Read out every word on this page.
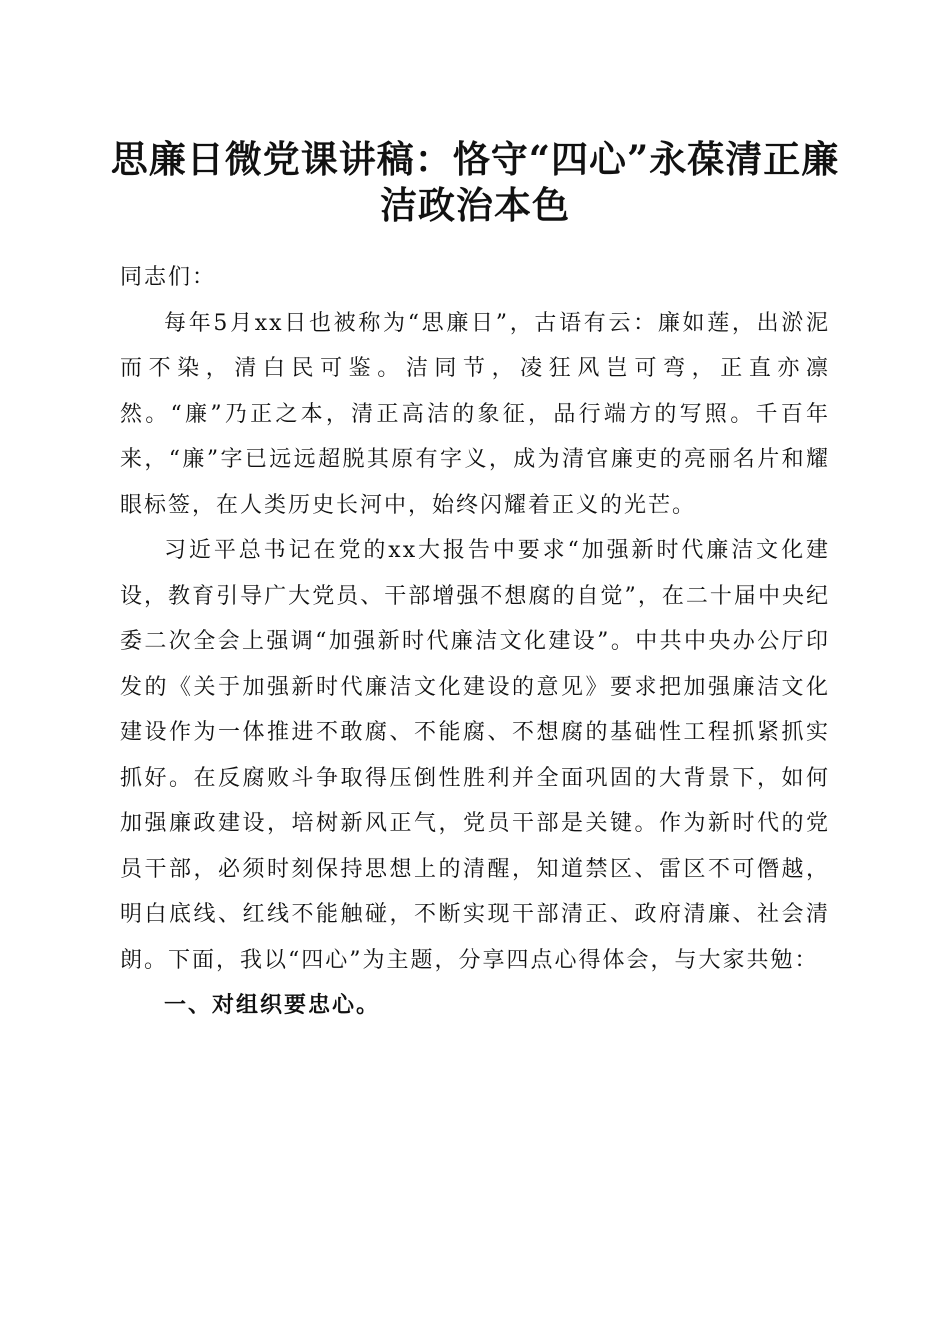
思廉日微党课讲稿：恪守“四心”永葆清正廉
洁政治本色

同志们：

每年5月xx日也被称为“思廉日”，古语有云：廉如莲，出淤泥而不染，清白民可鉴。洁同节，凌狂风岂可弯，正直亦凛然。“廉”乃正之本，清正高洁的象征，品行端方的写照。千百年来，“廉”字已远远超脱其原有字义，成为清官廉吏的亮丽名片和耀眼标签，在人类历史长河中，始终闪耀着正义的光芒。

习近平总书记在党的xx大报告中要求“加强新时代廉洁文化建设，教育引导广大党员、干部增强不想腐的自觉”，在二十届中央纪委二次全会上强调“加强新时代廉洁文化建设”。中共中央办公厅印发的《关于加强新时代廉洁文化建设的意见》要求把加强廉洁文化建设作为一体推进不敢腐、不能腐、不想腐的基础性工程抓紧抓实抓好。在反腐败斗争取得压倒性胜利并全面巩固的大背景下，如何加强廉政建设，培树新风正气，党员干部是关键。作为新时代的党员干部，必须时刻保持思想上的清醒，知道禁区、雷区不可僭越，明白底线、红线不能触碰，不断实现干部清正、政府清廉、社会清朗。下面，我以“四心”为主题，分享四点心得体会，与大家共勉：

一、对组织要忠心。
